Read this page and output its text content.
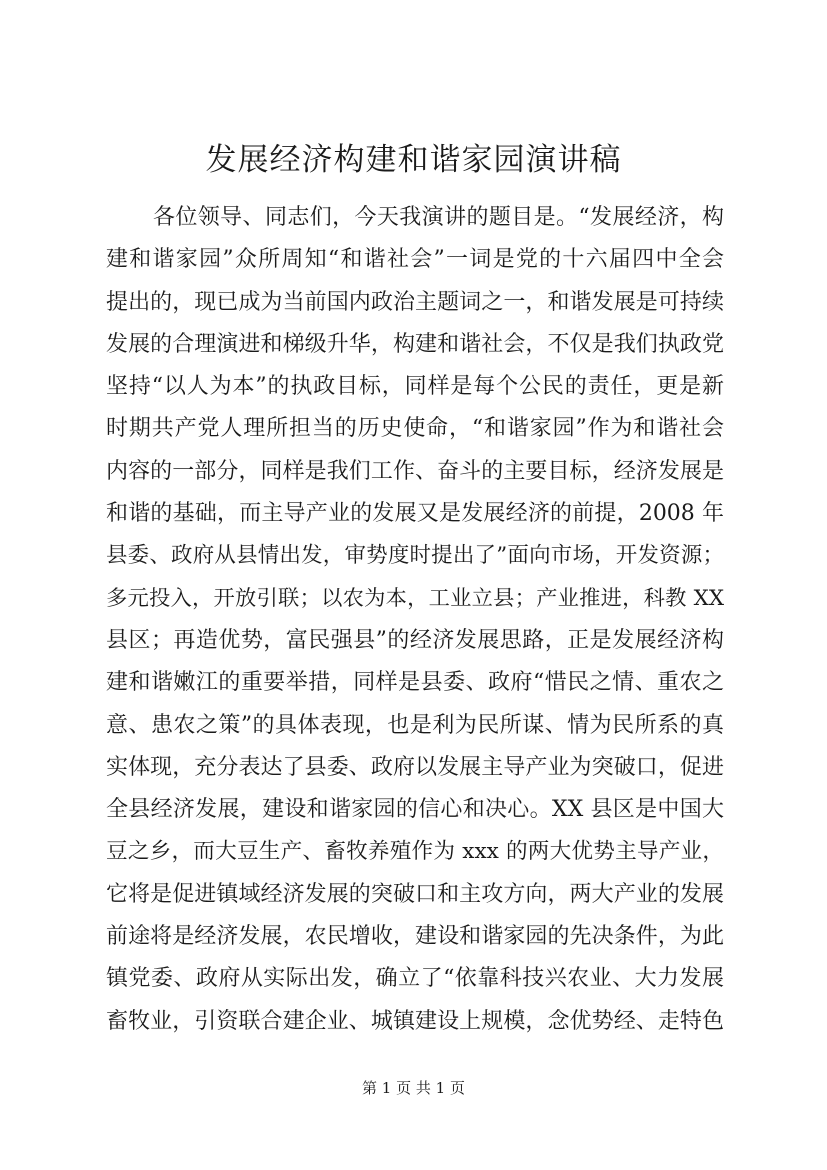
发展经济构建和谐家园演讲稿
各位领导、同志们，今天我演讲的题目是。“发展经济，构
建和谐家园”众所周知“和谐社会”一词是党的十六届四中全会
提出的，现已成为当前国内政治主题词之一，和谐发展是可持续
发展的合理演进和梯级升华，构建和谐社会，不仅是我们执政党
坚持“以人为本”的执政目标，同样是每个公民的责任，更是新
时期共产党人理所担当的历史使命，“和谐家园”作为和谐社会
内容的一部分，同样是我们工作、奋斗的主要目标，经济发展是
和谐的基础，而主导产业的发展又是发展经济的前提，2008 年
县委、政府从县情出发，审势度时提出了”面向市场，开发资源；
多元投入，开放引联；以农为本，工业立县；产业推进，科教 XX
县区；再造优势，富民强县”的经济发展思路，正是发展经济构
建和谐嫩江的重要举措，同样是县委、政府“惜民之情、重农之
意、患农之策”的具体表现，也是利为民所谋、情为民所系的真
实体现，充分表达了县委、政府以发展主导产业为突破口，促进
全县经济发展，建设和谐家园的信心和决心。XX 县区是中国大
豆之乡，而大豆生产、畜牧养殖作为 xxx 的两大优势主导产业，
它将是促进镇域经济发展的突破口和主攻方向，两大产业的发展
前途将是经济发展，农民增收，建设和谐家园的先决条件，为此
镇党委、政府从实际出发，确立了“依靠科技兴农业、大力发展
畜牧业，引资联合建企业、城镇建设上规模，念优势经、走特色
第 1 页 共 1 页
